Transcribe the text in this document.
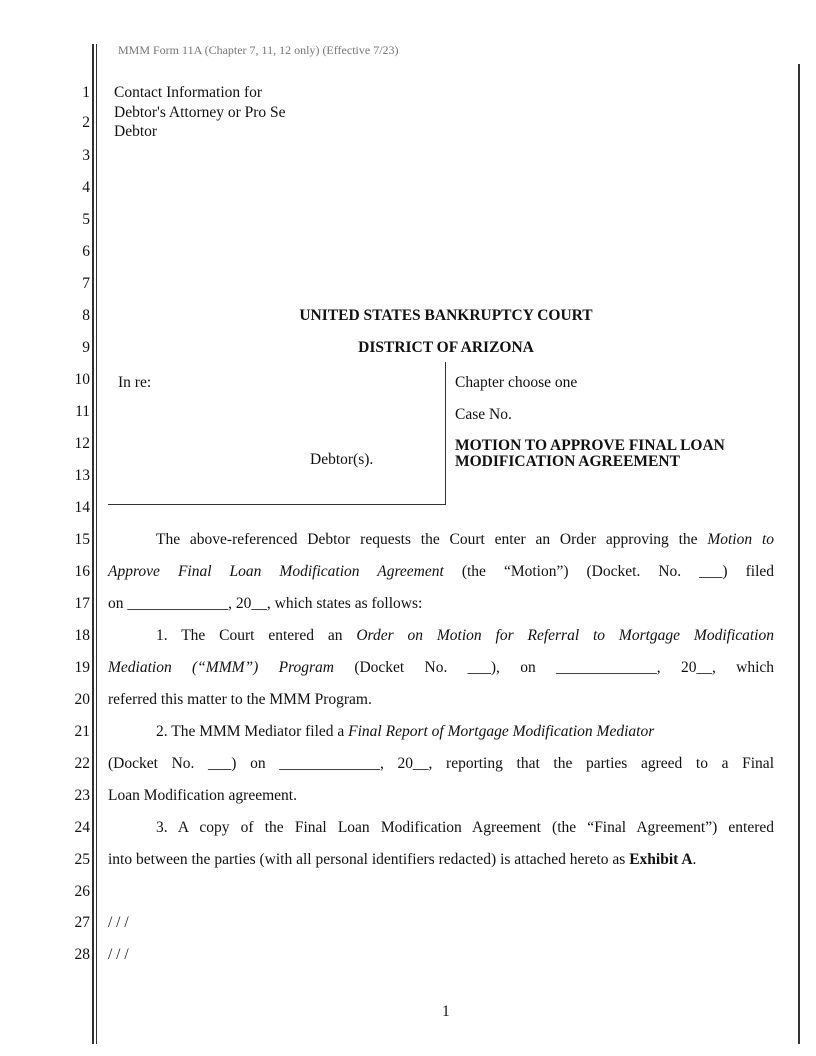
MMM Form 11A (Chapter 7, 11, 12 only) (Effective 7/23)
1
2
3
4
5
6
7
8
9
10
11
12
13
14
15
16
17
18
19
20
21
22
23
24
25
26
27
28
Contact Information for
Debtor's Attorney or Pro Se
Debtor
UNITED STATES BANKRUPTCY COURT
DISTRICT OF ARIZONA
In re:
Debtor(s).
Chapter choose one
Case No.
MOTION TO APPROVE FINAL LOAN
MODIFICATION AGREEMENT
The above-referenced Debtor requests the Court enter an Order approving the Motion to
Approve Final Loan Modification Agreement (the “Motion”) (Docket. No. ___) filed
on _____________, 20__, which states as follows:
1. The Court entered an Order on Motion for Referral to Mortgage Modification
Mediation (“MMM”) Program (Docket No. ___), on _____________, 20__, which
referred this matter to the MMM Program.
2. The MMM Mediator filed a Final Report of Mortgage Modification Mediator
(Docket No. ___) on _____________, 20__, reporting that the parties agreed to a Final
Loan Modification agreement.
3. A copy of the Final Loan Modification Agreement (the “Final Agreement”) entered
into between the parties (with all personal identifiers redacted) is attached hereto as Exhibit A.
/ / /
/ / /
1
